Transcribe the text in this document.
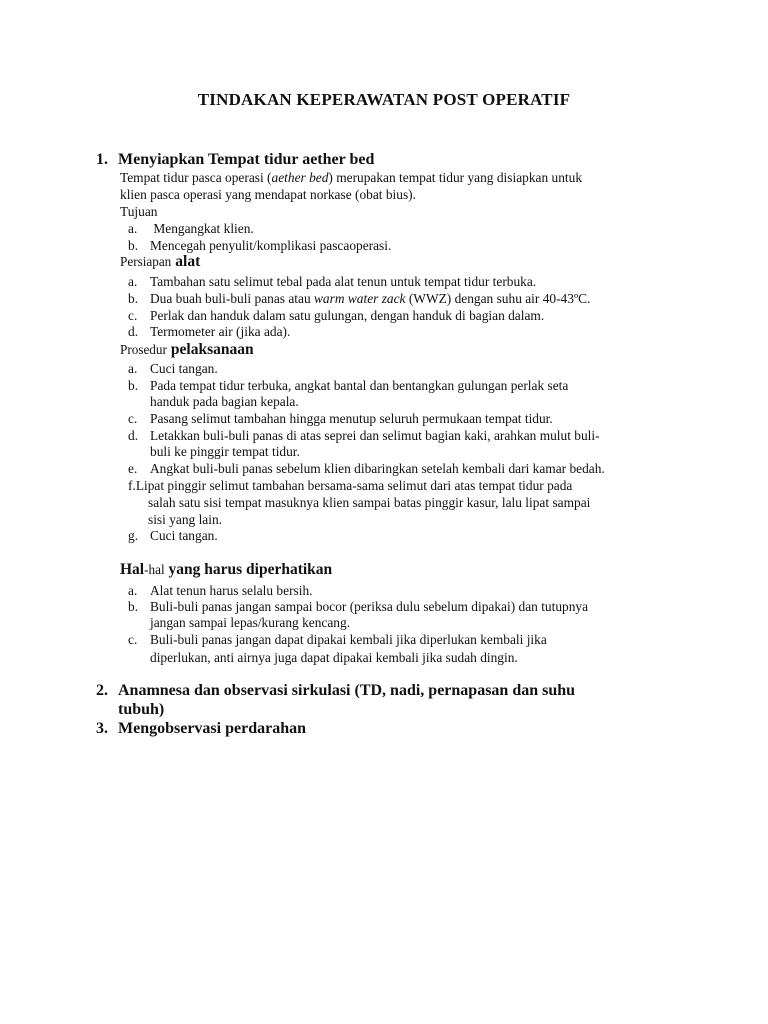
TINDAKAN KEPERAWATAN POST OPERATIF
1. Menyiapkan Tempat tidur aether bed
Tempat tidur pasca operasi (aether bed) merupakan tempat tidur yang disiapkan untuk
klien pasca operasi yang mendapat norkase (obat bius).
Tujuan
a. Mengangkat klien.
b. Mencegah penyulit/komplikasi pascaoperasi.
Persiapan alat
a. Tambahan satu selimut tebal pada alat tenun untuk tempat tidur terbuka.
b. Dua buah buli-buli panas atau warm water zack (WWZ) dengan suhu air 40-43ºC.
c. Perlak dan handuk dalam satu gulungan, dengan handuk di bagian dalam.
d. Termometer air (jika ada).
Prosedur pelaksanaan
a. Cuci tangan.
b. Pada tempat tidur terbuka, angkat bantal dan bentangkan gulungan perlak seta
handuk pada bagian kepala.
c. Pasang selimut tambahan hingga menutup seluruh permukaan tempat tidur.
d. Letakkan buli-buli panas di atas seprei dan selimut bagian kaki, arahkan mulut buli-
buli ke pinggir tempat tidur.
e. Angkat buli-buli panas sebelum klien dibaringkan setelah kembali dari kamar bedah.
f.Lipat pinggir selimut tambahan bersama-sama selimut dari atas tempat tidur pada
salah satu sisi tempat masuknya klien sampai batas pinggir kasur, lalu lipat sampai
sisi yang lain.
g. Cuci tangan.
Hal-hal yang harus diperhatikan
a. Alat tenun harus selalu bersih.
b. Buli-buli panas jangan sampai bocor (periksa dulu sebelum dipakai) dan tutupnya
jangan sampai lepas/kurang kencang.
c. Buli-buli panas jangan dapat dipakai kembali jika diperlukan kembali jika
diperlukan, anti airnya juga dapat dipakai kembali jika sudah dingin.
2. Anamnesa dan observasi sirkulasi (TD, nadi, pernapasan dan suhu
tubuh)
3. Mengobservasi perdarahan
